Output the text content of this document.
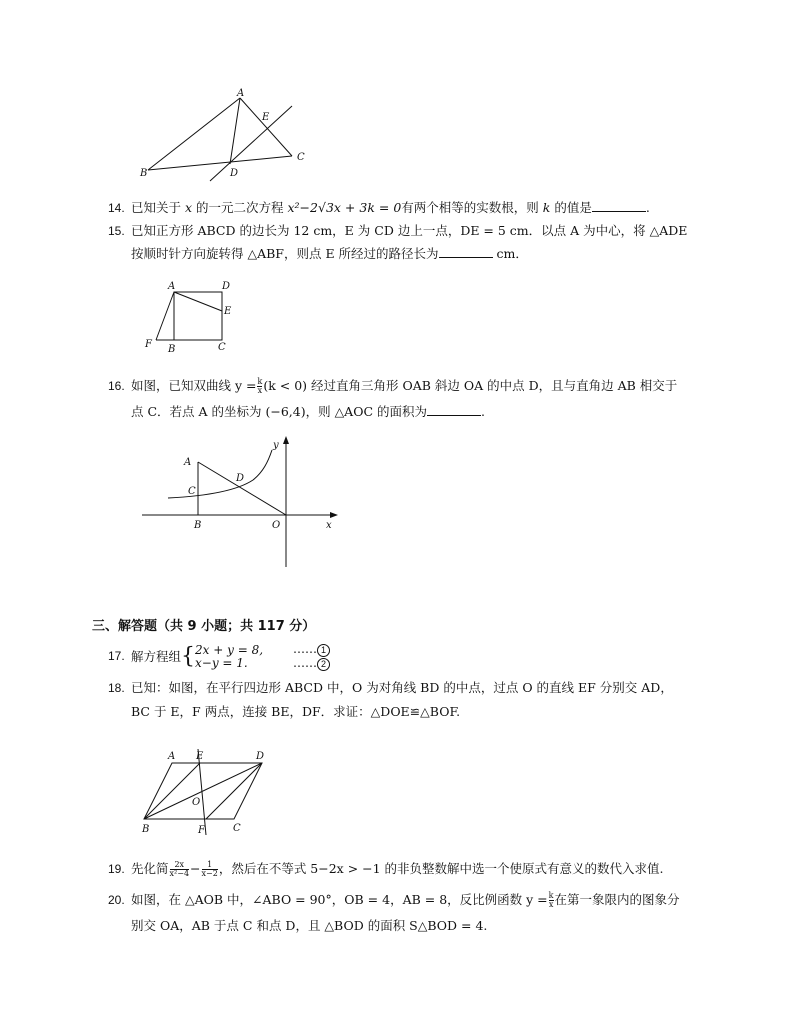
A
B
C
D
E
14. 已知关于 x 的一元二次方程 x²−2√3x + 3k = 0有两个相等的实数根，则 k 的值是	.
15. 已知正方形 ABCD 的边长为 12 cm，E 为 CD 边上一点，DE = 5 cm．以点 A 为中心，将 △ADE
按顺时针方向旋转得 △ABF，则点 E 所经过的路径长为	cm．
A
B	C
D
E
F
16. 如图，已知双曲线 $y = \frac{k}{x} (k < 0)$ 经过直角三角形 OAB 斜边 OA 的中点 D，且与直角边 AB 相交于
点 C．若点 A 的坐标为 (−6,4)，则 △AOC 的面积为	.
A
B
C
D
O	x
y
三、解答题（共 9 小题；共 117 分）
17. 解方程组{2x + y = 8,
x−y = 1.…… 1
…… 2
18. 已知：如图，在平行四边形 ABCD 中，O 为对角线 BD 的中点，过点 O 的直线 EF 分别交 AD，
BC 于 E，F 两点，连接 BE，DF．求证：△DOE≌△BOF.
A
B	C
D
E
F
O
19. 先化简 $\frac{2x}{\text{x²−4}} - \frac{1}{x-2}$ ，然后在不等式 5−2x > −1 的非负整数解中选一个使原式有意义的数代入求值.
20. 如图，在 △AOB 中，∠ABO = 90°，OB = 4，AB = 8，反比例函数 $y = \frac{k}{x}$ 在第一象限内的图象分
别交 OA，AB 于点 C 和点 D，且 △BOD 的面积 S△BOD = 4.
